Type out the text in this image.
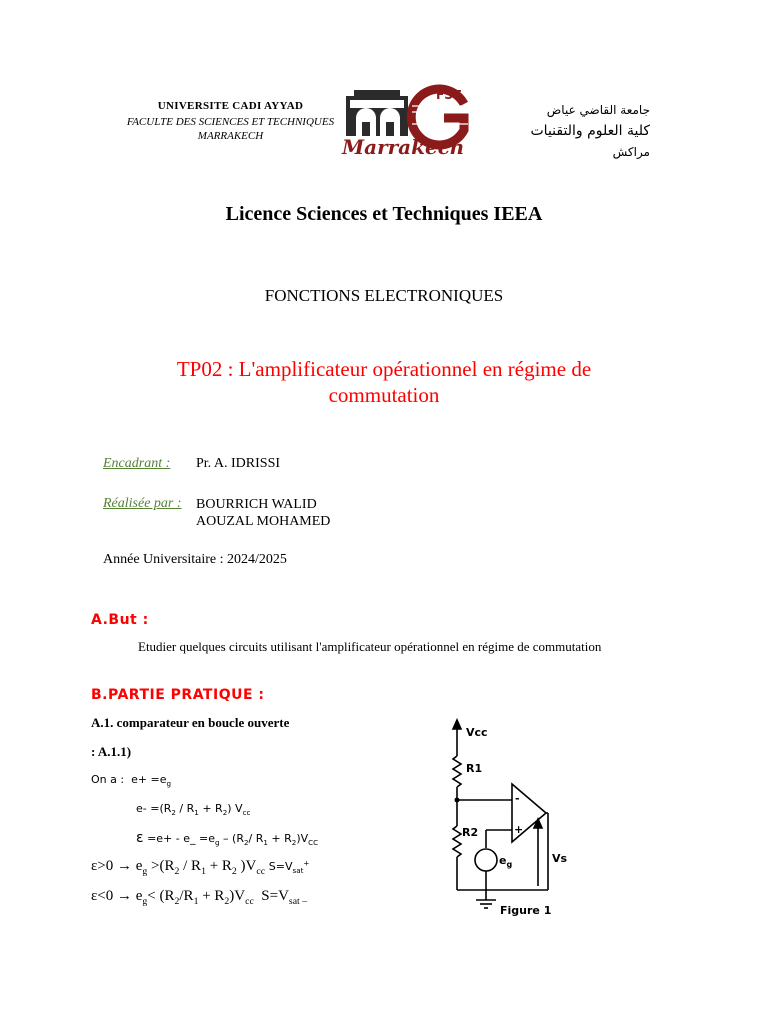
UNIVERSITE CADI AYYAD
FACULTE DES SCIENCES ET TECHNIQUES
MARRAKECH
FST
Marrakech
جامعة القاضي عياض
كلية العلوم والتقنيات
مراكش
Licence Sciences et Techniques IEEA
FONCTIONS ELECTRONIQUES
TP02 : L'amplificateur opérationnel en régime de
commutation
Encadrant : Pr. A. IDRISSI
Réalisée par : BOURRICH WALID
AOUZAL MOHAMED
Année Universitaire : 2024/2025
A.But :
Etudier quelques circuits utilisant l'amplificateur opérationnel en régime de commutation
B.PARTIE PRATIQUE :
A.1. comparateur en boucle ouverte
: A.1.1)
On a :  $e+ =e_g$
$e- =(R_2 / R_1 + R_2)$ $V_{cc}$
ε =e+ - e_ $=e_g - (R_2/$ $R_1 + R_2)V_{CC}$
$\varepsilon>0 \to e_g >(R_2 / R_1 + R_2$ )$V_{cc}$ $S=V_{sat}^+$
$\varepsilon<0 \to e_g< (R_2/R_1 + R_2)V_{cc}$  $S=V_{sat -}$
Vcc
R1
R2
$e_g$	Vs
-
+
Figure 1
